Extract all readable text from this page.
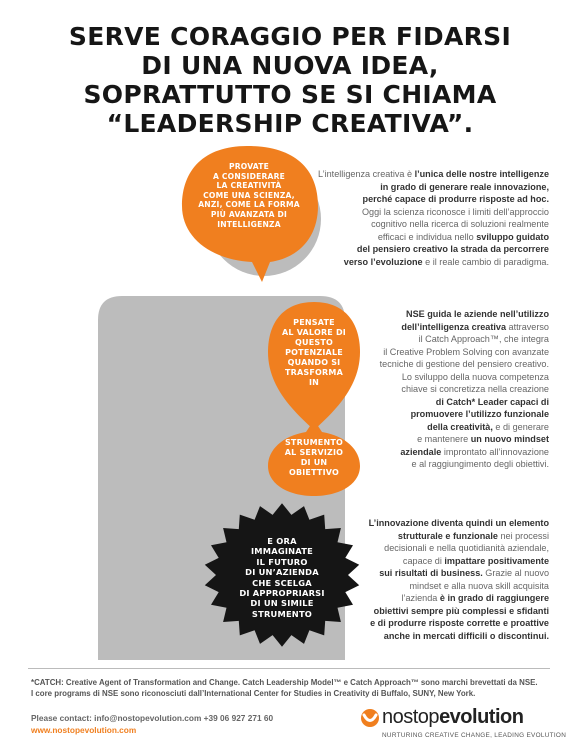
SERVE CORAGGIO PER FIDARSI
DI UNA NUOVA IDEA,
SOPRATTUTTO SE SI CHIAMA
“LEADERSHIP CREATIVA”.
PROVATE
A CONSIDERARE
LA CREATIVITÀ
COME UNA SCIENZA,
ANZI, COME LA FORMA
PIÙ AVANZATA DI
INTELLIGENZA
PENSATE
AL VALORE DI
QUESTO
POTENZIALE
QUANDO SI
TRASFORMA
IN
STRUMENTO
AL SERVIZIO
DI UN
OBIETTIVO
E ORA
IMMAGINATE
IL FUTURO
DI UN’AZIENDA
CHE SCELGA
DI APPROPRIARSI
DI UN SIMILE
STRUMENTO
L’intelligenza creativa è l’unica delle nostre intelligenze
in grado di generare reale innovazione,
perché capace di produrre risposte ad hoc.
Oggi la scienza riconosce i limiti dell’approccio
cognitivo nella ricerca di soluzioni realmente
efficaci e individua nello sviluppo guidato
del pensiero creativo la strada da percorrere
verso l’evoluzione e il reale cambio di paradigma.
NSE guida le aziende nell’utilizzo
dell’intelligenza creativa attraverso
il Catch Approach™, che integra
il Creative Problem Solving con avanzate
tecniche di gestione del pensiero creativo.
Lo sviluppo della nuova competenza
chiave si concretizza nella creazione
di Catch* Leader capaci di
promuovere l’utilizzo funzionale
della creatività, e di generare
e mantenere un nuovo mindset
aziendale improntato all’innovazione
e al raggiungimento degli obiettivi.
L’innovazione diventa quindi un elemento
strutturale e funzionale nei processi
decisionali e nella quotidianità aziendale,
capace di impattare positivamente
sui risultati di business. Grazie al nuovo
mindset e alla nuova skill acquisita
l’azienda è in grado di raggiungere
obiettivi sempre più complessi e sfidanti
e di produrre risposte corrette e proattive
anche in mercati difficili o discontinui.
*CATCH: Creative Agent of Transformation and Change. Catch Leadership Model™ e Catch Approach™ sono marchi brevettati da NSE.
I core programs di NSE sono riconosciuti dall’International Center for Studies in Creativity di Buffalo, SUNY, New York.
Please contact: info@nostopevolution.com +39 06 927 271 60
www.nostopevolution.com
nostopevolution
NURTURING CREATIVE CHANGE, LEADING EVOLUTION
